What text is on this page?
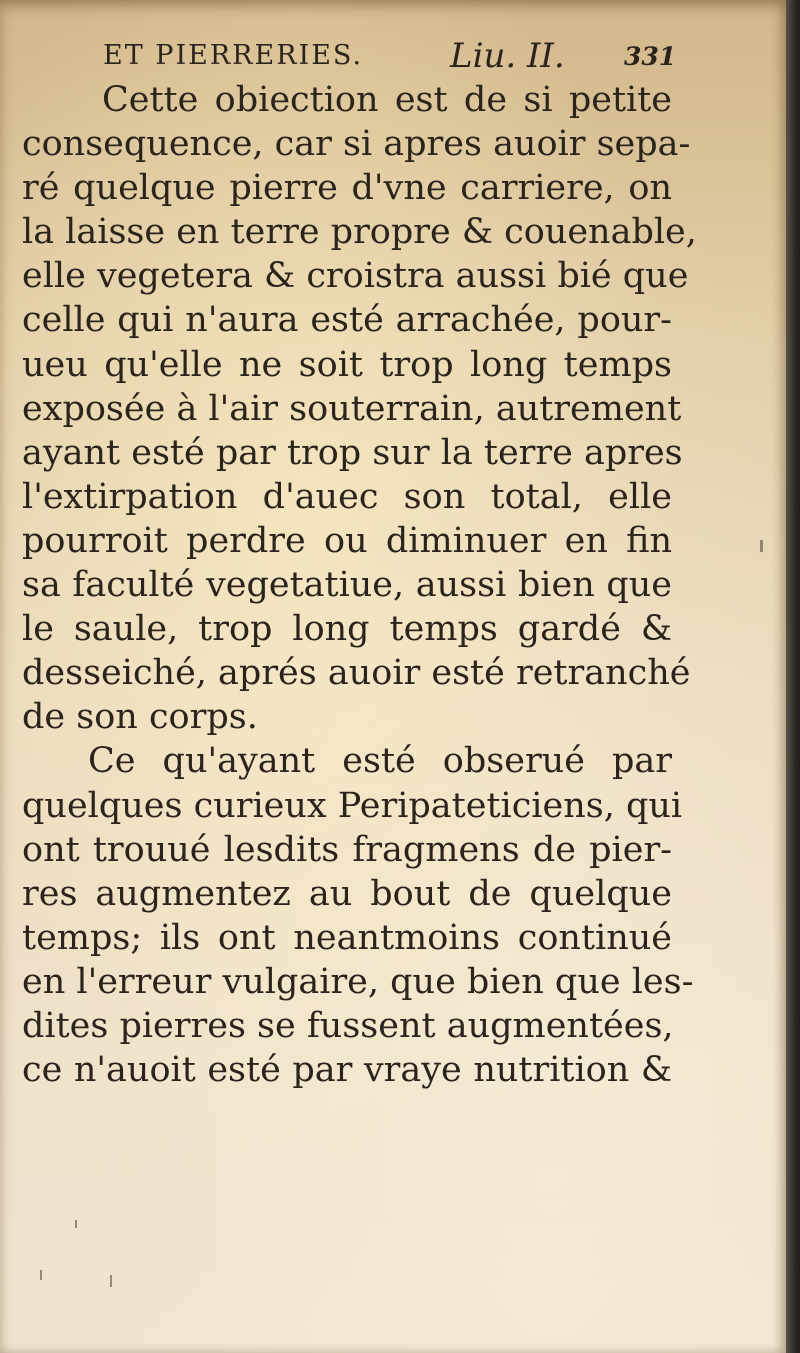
ET PIERRERIES.	Liu. II. 331
Cette obiection est de si petite
consequence, car si apres auoir sepa-
ré quelque pierre d'vne carriere, on
la laisse en terre propre & couenable,
elle vegetera & croistra aussi bié que
celle qui n'aura esté arrachée, pour-
ueu qu'elle ne soit trop long temps
exposée à l'air souterrain, autrement
ayant esté par trop sur la terre apres
l'extirpation d'auec son total, elle
pourroit perdre ou diminuer en fin
sa faculté vegetatiue, aussi bien que
le saule, trop long temps gardé &
desseiché, aprés auoir esté retranché
de son corps.
Ce qu'ayant esté obserué par
quelques curieux Peripateticiens, qui
ont trouué lesdits fragmens de pier-
res augmentez au bout de quelque
temps; ils ont neantmoins continué
en l'erreur vulgaire, que bien que les-
dites pierres se fussent augmentées,
ce n'auoit esté par vraye nutrition &
